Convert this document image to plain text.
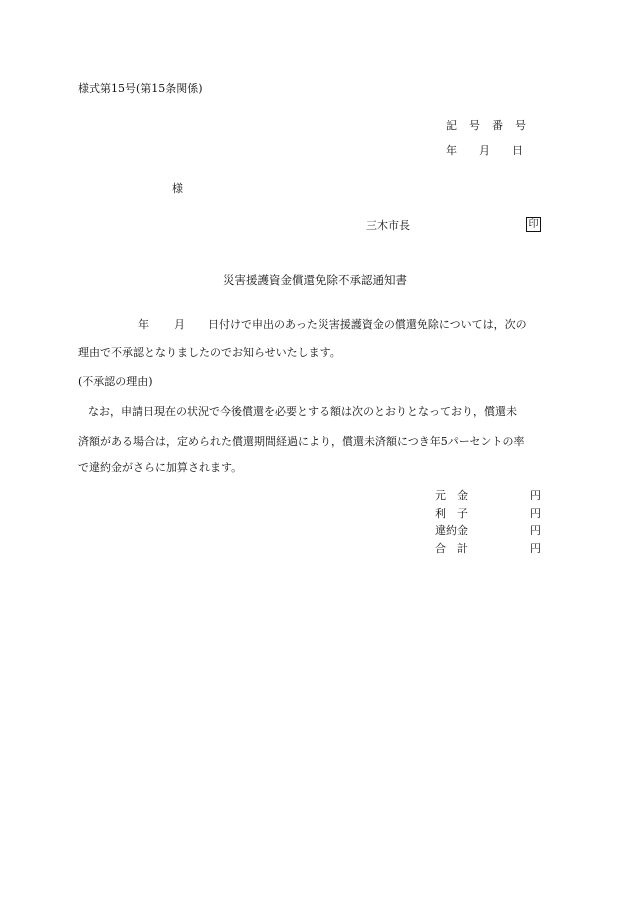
様式第15号(第15条関係)
記 号 番 号
年 月 日
様
三木市長	印
災害援護資金償還免除不承認通知書
年 月 日付けで申出のあった災害援護資金の償還免除については，次の
理由で不承認となりましたのでお知らせいたします。
(不承認の理由)
なお，申請日現在の状況で今後償還を必要とする額は次のとおりとなっており，償還未
済額がある場合は，定められた償還期間経過により，償還未済額につき年5パーセントの率
で違約金がさらに加算されます。
元　金	円
利　子	円
違約金	円
合　計	円
